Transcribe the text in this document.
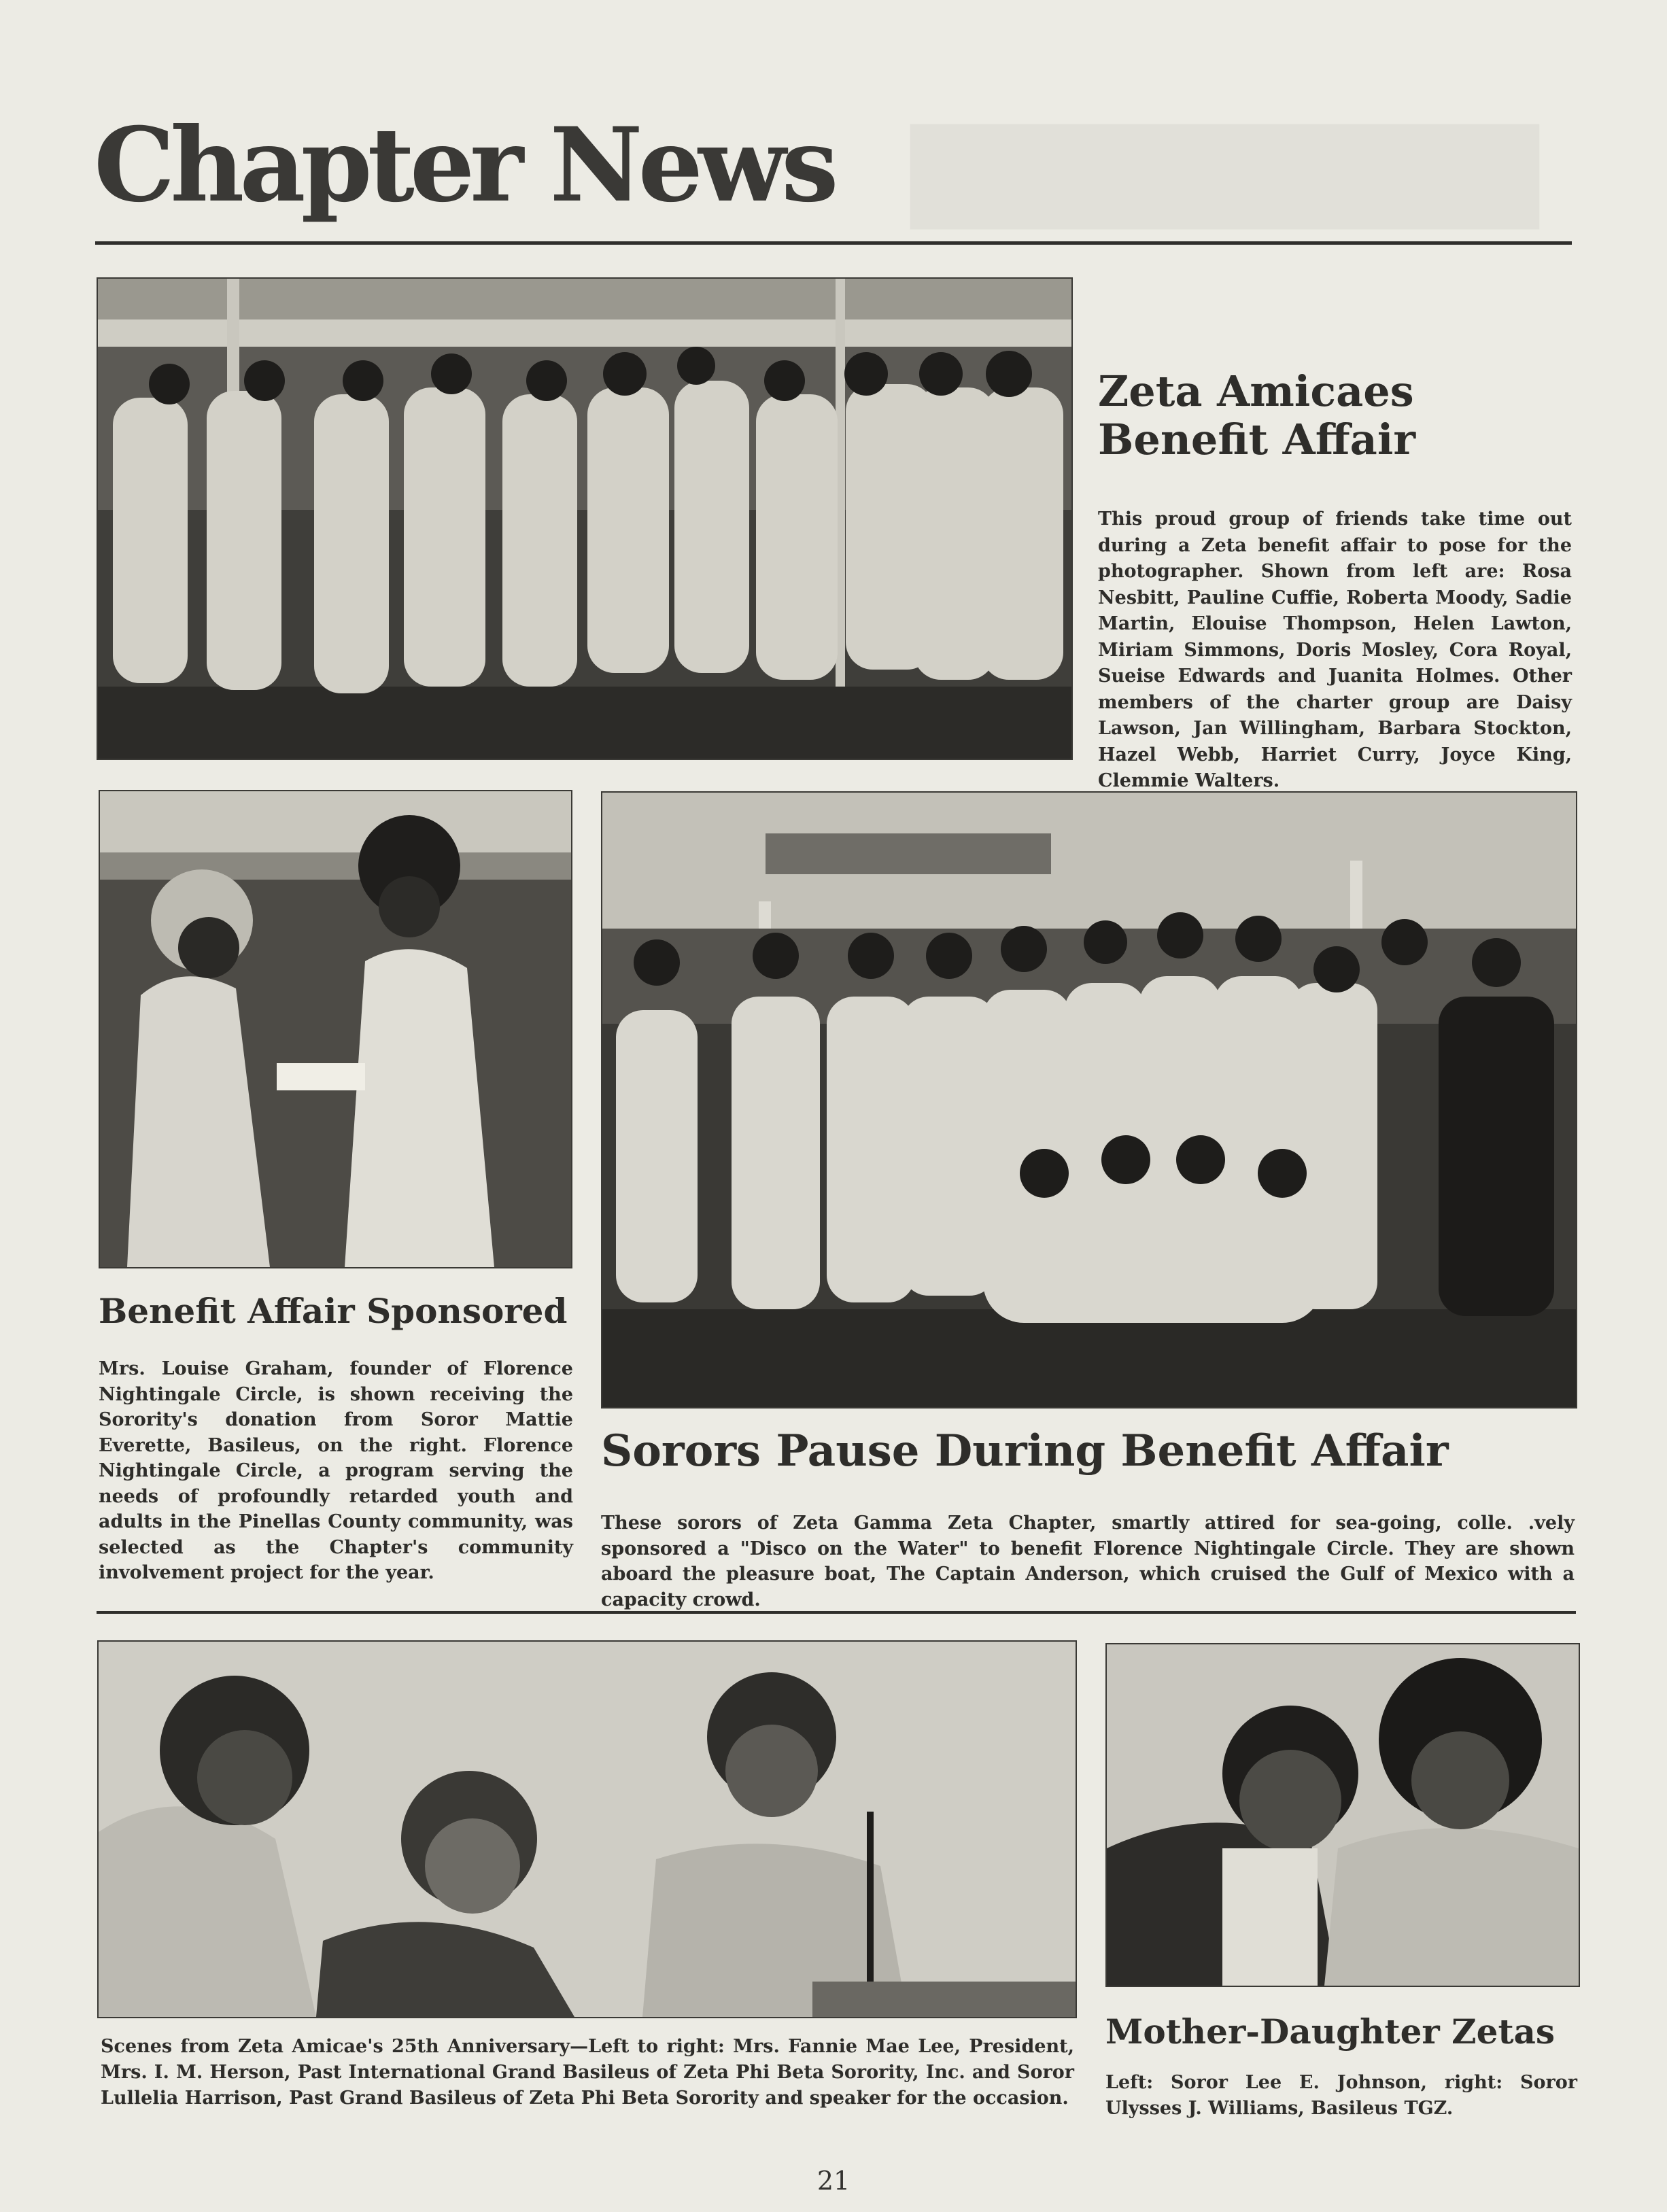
▇▇▇▇▇▇▇▇
Chapter News
Zeta Amicaes
Benefit Affair
This proud group of friends take time out during a Zeta benefit affair to pose for the photographer. Shown from left are: Rosa Nesbitt, Pauline Cuffie, Roberta Moody, Sadie Martin, Elouise Thompson, Helen Lawton, Miriam Simmons, Doris Mosley, Cora Royal, Sueise Edwards and Juanita Holmes. Other members of the charter group are Daisy Lawson, Jan Willingham, Barbara Stockton, Hazel Webb, Harriet Curry, Joyce King, Clemmie Walters.
Benefit Affair Sponsored
Mrs. Louise Graham, founder of Florence Nightingale Circle, is shown receiving the Sorority's donation from Soror Mattie Everette, Basileus, on the right. Florence Nightingale Circle, a program serving the needs of profoundly retarded youth and adults in the Pinellas County community, was selected as the Chapter's community involvement project for the year.
Sorors Pause During Benefit Affair
These sorors of Zeta Gamma Zeta Chapter, smartly attired for sea-going, colle. .vely sponsored a "Disco on the Water" to benefit Florence Nightingale Circle. They are shown aboard the pleasure boat, The Captain Anderson, which cruised the Gulf of Mexico with a capacity crowd.
Scenes from Zeta Amicae's 25th Anniversary—Left to right: Mrs. Fannie Mae Lee, President, Mrs. I. M. Herson, Past International Grand Basileus of Zeta Phi Beta Sorority, Inc. and Soror Lullelia Harrison, Past Grand Basileus of Zeta Phi Beta Sorority and speaker for the occasion.
Mother-Daughter Zetas
Left: Soror Lee E. Johnson, right: Soror Ulysses J. Williams, Basileus TGZ.
21
